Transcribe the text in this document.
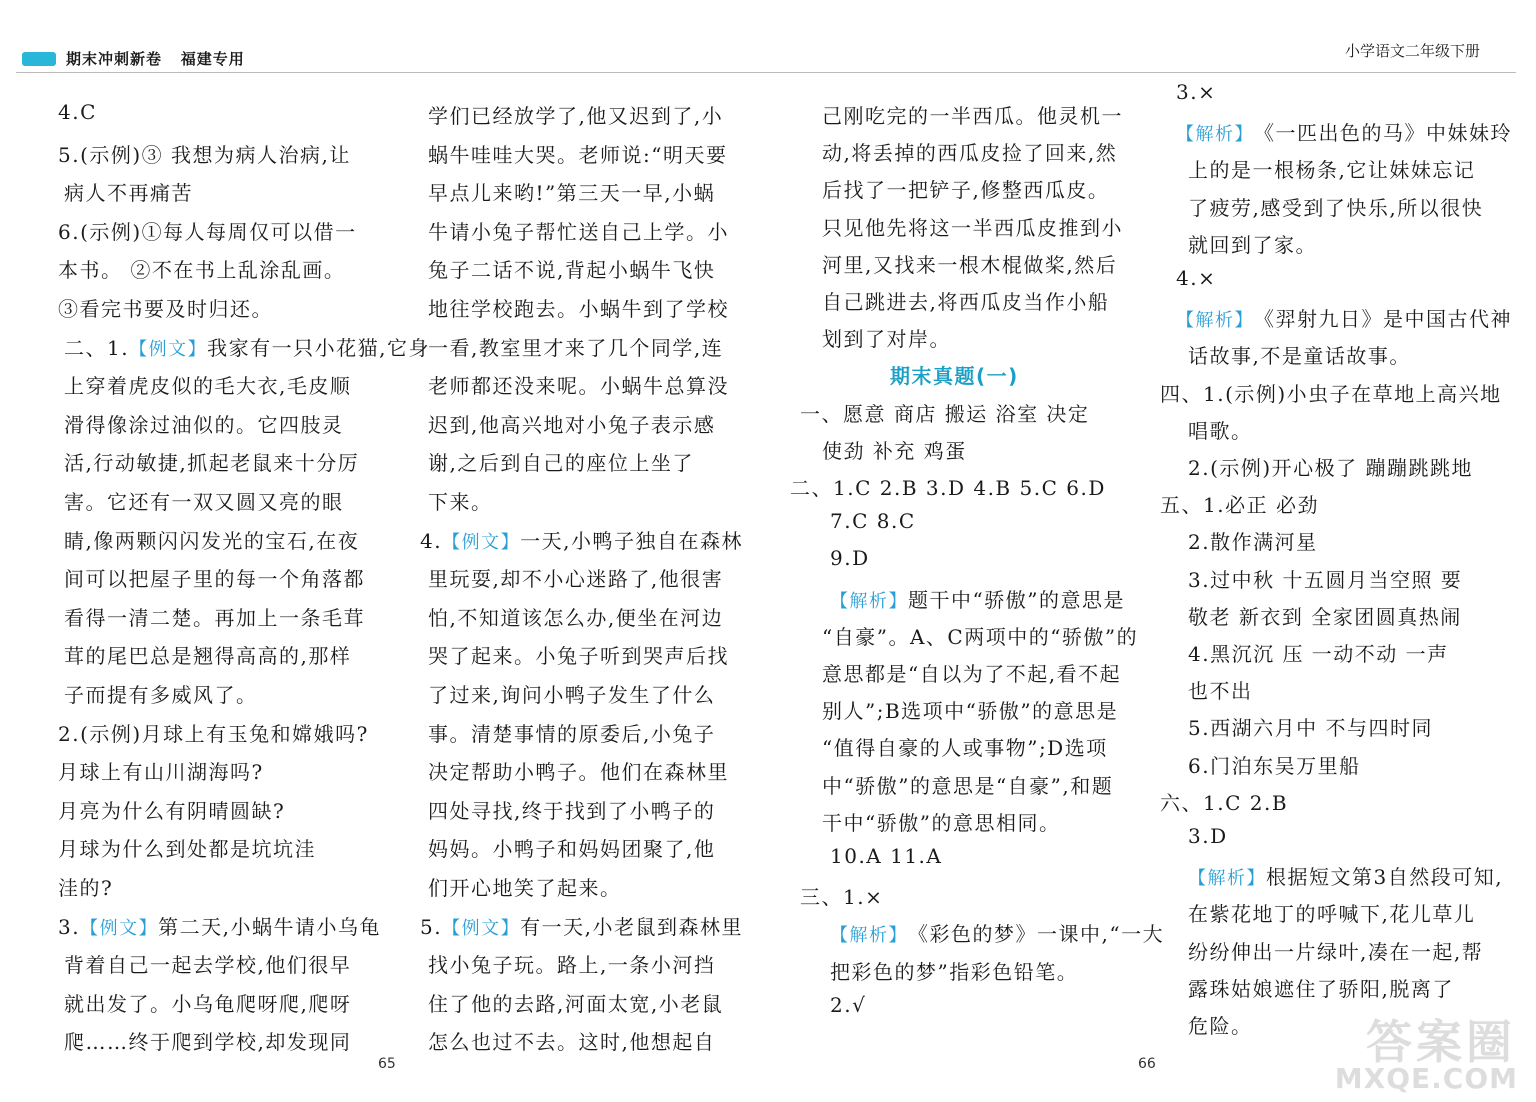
期末冲刺新卷 福建专用	小学语文二年级下册
4.C
5.(示例)③ 我想为病人治病,让
病人不再痛苦
6.(示例)①每人每周仅可以借一
本书。 ②不在书上乱涂乱画。
③看完书要及时归还。
二、1.【例文】我家有一只小花猫,它身
上穿着虎皮似的毛大衣,毛皮顺
滑得像涂过油似的。它四肢灵
活,行动敏捷,抓起老鼠来十分厉
害。它还有一双又圆又亮的眼
睛,像两颗闪闪发光的宝石,在夜
间可以把屋子里的每一个角落都
看得一清二楚。再加上一条毛茸
茸的尾巴总是翘得高高的,那样
子而提有多威风了。
2.(示例)月球上有玉兔和嫦娥吗?
月球上有山川湖海吗?
月亮为什么有阴晴圆缺?
月球为什么到处都是坑坑洼
洼的?
3.【例文】第二天,小蜗牛请小乌龟
背着自己一起去学校,他们很早
就出发了。小乌龟爬呀爬,爬呀
爬……终于爬到学校,却发现同
学们已经放学了,他又迟到了,小
蜗牛哇哇大哭。老师说:“明天要
早点儿来哟!”第三天一早,小蜗
牛请小兔子帮忙送自己上学。小
兔子二话不说,背起小蜗牛飞快
地往学校跑去。小蜗牛到了学校
一看,教室里才来了几个同学,连
老师都还没来呢。小蜗牛总算没
迟到,他高兴地对小兔子表示感
谢,之后到自己的座位上坐了
下来。
4.【例文】一天,小鸭子独自在森林
里玩耍,却不小心迷路了,他很害
怕,不知道该怎么办,便坐在河边
哭了起来。小兔子听到哭声后找
了过来,询问小鸭子发生了什么
事。清楚事情的原委后,小兔子
决定帮助小鸭子。他们在森林里
四处寻找,终于找到了小鸭子的
妈妈。小鸭子和妈妈团聚了,他
们开心地笑了起来。
5.【例文】有一天,小老鼠到森林里
找小兔子玩。路上,一条小河挡
住了他的去路,河面太宽,小老鼠
怎么也过不去。这时,他想起自
己刚吃完的一半西瓜。他灵机一
动,将丢掉的西瓜皮捡了回来,然
后找了一把铲子,修整西瓜皮。
只见他先将这一半西瓜皮推到小
河里,又找来一根木棍做桨,然后
自己跳进去,将西瓜皮当作小船
划到了对岸。
期末真题(一)
一、愿意 商店 搬运 浴室 决定
使劲 补充 鸡蛋
二、1.C 2.B 3.D 4.B 5.C 6.D
7.C 8.C
9.D
【解析】题干中“骄傲”的意思是
“自豪”。A、C两项中的“骄傲”的
意思都是“自以为了不起,看不起
别人”;B选项中“骄傲”的意思是
“值得自豪的人或事物”;D选项
中“骄傲”的意思是“自豪”,和题
干中“骄傲”的意思相同。
10.A 11.A
三、1.×
【解析】《彩色的梦》一课中,“一大
把彩色的梦”指彩色铅笔。
2.√
3.×
【解析】《一匹出色的马》中妹妹玲
上的是一根杨条,它让妹妹忘记
了疲劳,感受到了快乐,所以很快
就回到了家。
4.×
【解析】《羿射九日》是中国古代神
话故事,不是童话故事。
四、1.(示例)小虫子在草地上高兴地
唱歌。
2.(示例)开心极了 蹦蹦跳跳地
五、1.必正 必劲
2.散作满河星
3.过中秋 十五圆月当空照 要
敬老 新衣到 全家团圆真热闹
4.黑沉沉 压 一动不动 一声
也不出
5.西湖六月中 不与四时同
6.门泊东吴万里船
六、1.C 2.B
3.D
【解析】根据短文第3自然段可知,
在紫花地丁的呼喊下,花儿草儿
纷纷伸出一片绿叶,凑在一起,帮
露珠姑娘遮住了骄阳,脱离了
危险。
65	66	答案圈
MXQE.COM
